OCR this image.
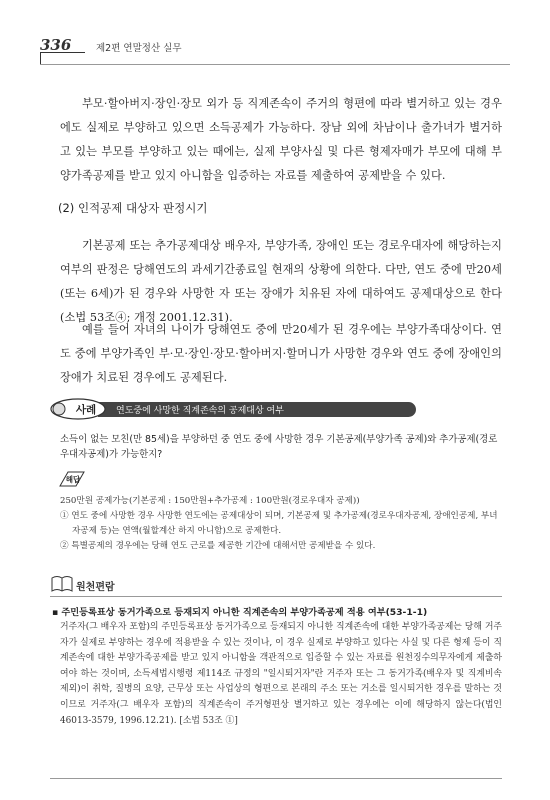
336	제2편 연말정산 실무

부모·할아버지·장인·장모 외가 등 직계존속이 주거의 형편에 따라 별거하고 있는 경우에도 실제로 부양하고 있으면 소득공제가 가능하다. 장남 외에 차남이나 출가녀가 별거하고 있는 부모를 부양하고 있는 때에는, 실제 부양사실 및 다른 형제자매가 부모에 대해 부양가족공제를 받고 있지 아니함을 입증하는 자료를 제출하여 공제받을 수 있다.

(2) 인적공제 대상자 판정시기

기본공제 또는 추가공제대상 배우자, 부양가족, 장애인 또는 경로우대자에 해당하는지 여부의 판정은 당해연도의 과세기간종료일 현재의 상황에 의한다. 다만, 연도 중에 만20세(또는 6세)가 된 경우와 사망한 자 또는 장애가 치유된 자에 대하여도 공제대상으로 한다(소법 53조④; 개정 2001.12.31).

예를 들어 자녀의 나이가 당해연도 중에 만20세가 된 경우에는 부양가족대상이다. 연도 중에 부양가족인 부·모·장인·장모·할아버지·할머니가 사망한 경우와 연도 중에 장애인의 장애가 치료된 경우에도 공제된다.

사례 연도중에 사망한 직계존속의 공제대상 여부

소득이 없는 모친(만 85세)을 부양하던 중 연도 중에 사망한 경우 기본공제(부양가족 공제)와 추가공제(경로우대자공제)가 가능한지?

해답
250만원 공제가능(기본공제 : 150만원+추가공제 : 100만원(경로우대자 공제))
① 연도 중에 사망한 경우 사망한 연도에는 공제대상이 되며, 기본공제 및 추가공제(경로우대자공제, 장애인공제, 부녀자공제 등)는 연액(월할계산 하지 아니함)으로 공제한다.
② 특별공제의 경우에는 당해 연도 근로를 제공한 기간에 대해서만 공제받을 수 있다.
원천편람
▪ 주민등록표상 동거가족으로 등재되지 아니한 직계존속의 부양가족공제 적용 여부(53-1-1)

거주자(그 배우자 포함)의 주민등록표상 동거가족으로 등재되지 아니한 직계존속에 대한 부양가족공제는 당해 거주자가 실제로 부양하는 경우에 적용받을 수 있는 것이나, 이 경우 실제로 부양하고 있다는 사실 및 다른 형제 등이 직계존속에 대한 부양가족공제를 받고 있지 아니함을 객관적으로 입증할 수 있는 자료를 원천징수의무자에게 제출하여야 하는 것이며, 소득세법시행령 제114조 규정의 "일시퇴거자"란 거주자 또는 그 동거가족(배우자 및 직계비속 제외)이 취학, 질병의 요양, 근무상 또는 사업상의 형편으로 본래의 주소 또는 거소를 일시퇴거한 경우를 말하는 것이므로 거주자(그 배우자 포함)의 직계존속이 주거형편상 별거하고 있는 경우에는 이에 해당하지 않는다(법인46013-3579, 1996.12.21). [소법 53조 ①]
